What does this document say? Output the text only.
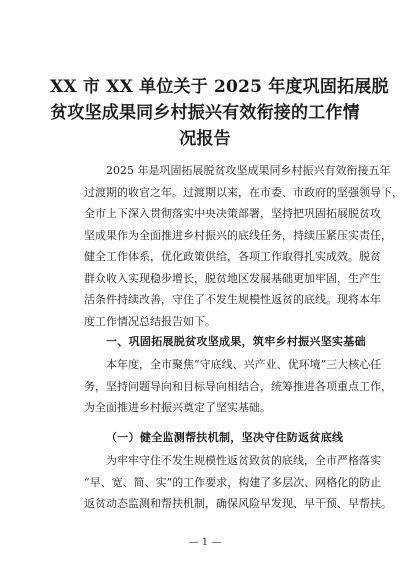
XX 市 XX 单位关于 2025 年度巩固拓展脱
贫攻坚成果同乡村振兴有效衔接的工作情
况报告
2025 年是巩固拓展脱贫攻坚成果同乡村振兴有效衔接五年
过渡期的收官之年。过渡期以来，在市委、市政府的坚强领导下，
全市上下深入贯彻落实中央决策部署，坚持把巩固拓展脱贫攻
坚成果作为全面推进乡村振兴的底线任务，持续压紧压实责任，
健全工作体系，优化政策供给，各项工作取得扎实成效。脱贫
群众收入实现稳步增长，脱贫地区发展基础更加牢固，生产生
活条件持续改善，守住了不发生规模性返贫的底线。现将本年
度工作情况总结报告如下。
一、巩固拓展脱贫攻坚成果，筑牢乡村振兴坚实基础
本年度，全市聚焦“守底线、兴产业、优环境”三大核心任
务，坚持问题导向和目标导向相结合，统筹推进各项重点工作，
为全面推进乡村振兴奠定了坚实基础。
（一）健全监测帮扶机制，坚决守住防返贫底线
为牢牢守住不发生规模性返贫致贫的底线，全市严格落实
“早、宽、简、实”的工作要求，构建了多层次、网格化的防止
返贫动态监测和帮扶机制，确保风险早发现、早干预、早帮扶。
— 1 —
